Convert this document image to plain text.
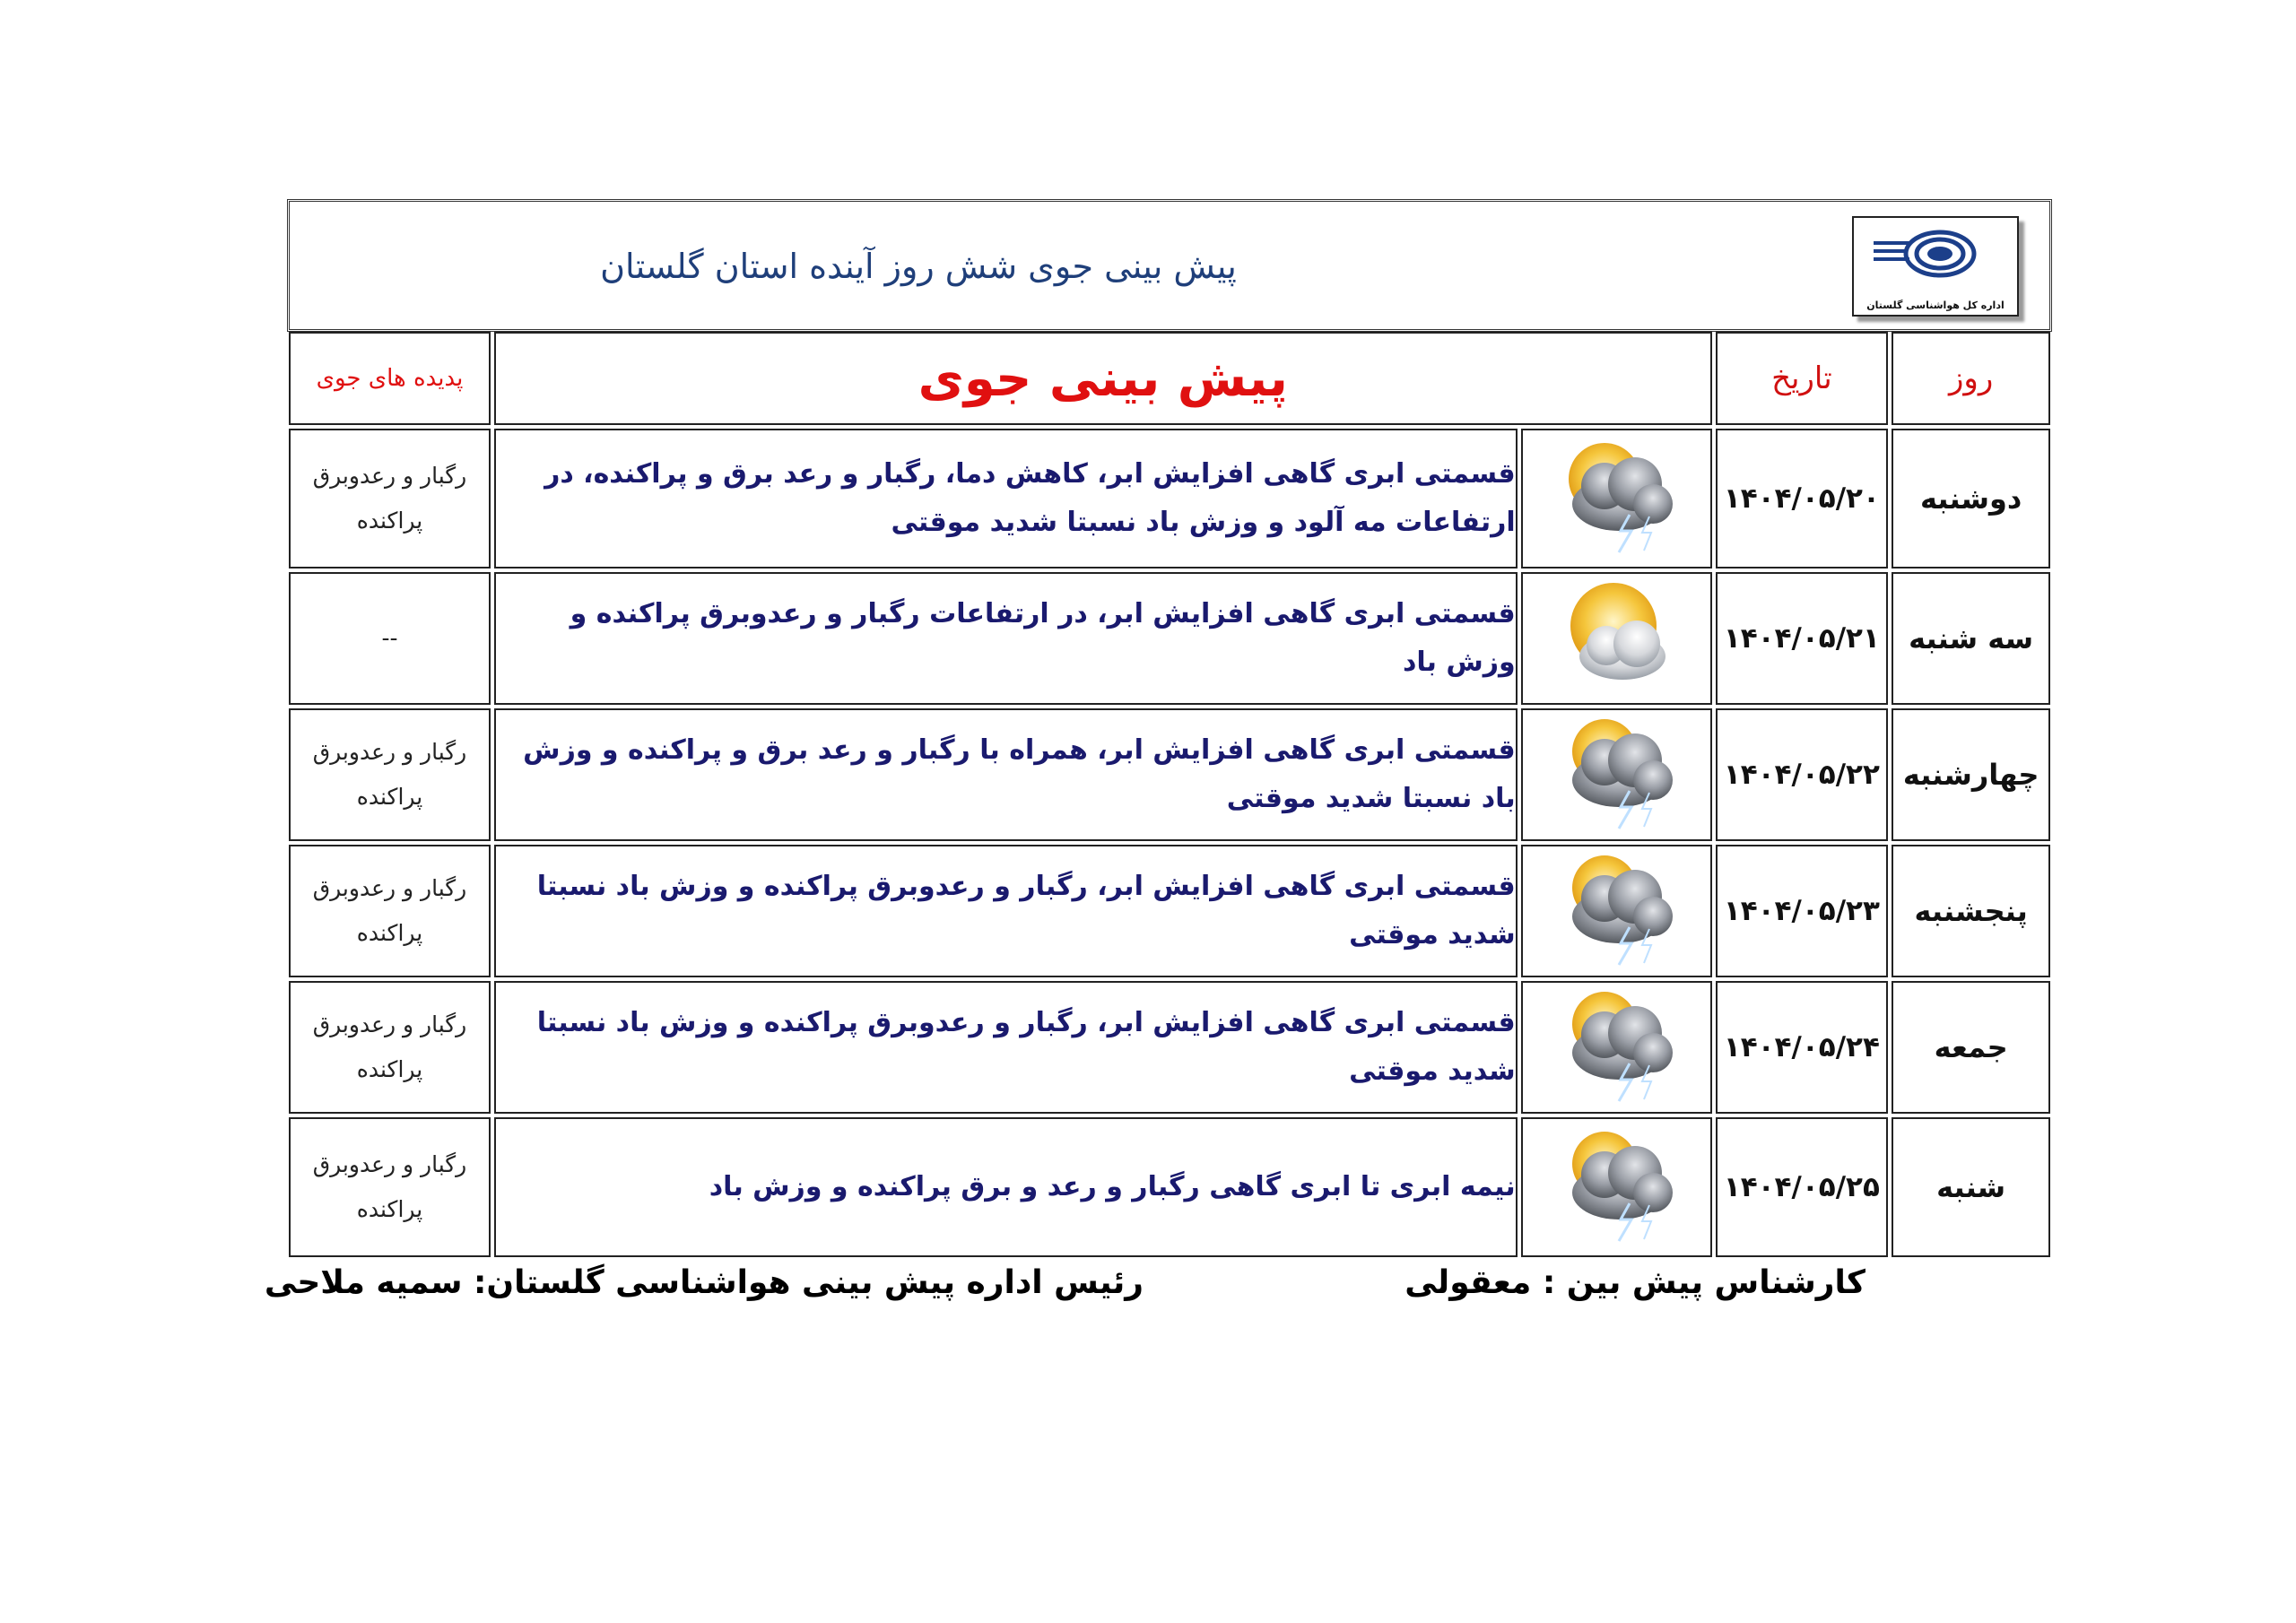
پیش بینی جوی شش روز آینده استان گلستان
اداره کل هواشناسی گلستان
روز	تاریخ	پیش بینی جوی		پدیده های جوی
دوشنبه	۱۴۰۴/۰۵/۲۰		قسمتی ابری گاهی افزایش ابر، کاهش دما، رگبار و رعد برق و پراکنده، در ارتفاعات مه آلود و وزش باد نسبتا شدید موقتی	رگبار و رعدوبرق پراکنده
سه شنبه	۱۴۰۴/۰۵/۲۱		قسمتی ابری گاهی افزایش ابر، در ارتفاعات رگبار و رعدوبرق پراکنده و وزش باد	--
چهارشنبه	۱۴۰۴/۰۵/۲۲		قسمتی ابری گاهی افزایش ابر، همراه با رگبار و رعد برق و پراکنده و وزش باد نسبتا شدید موقتی	رگبار و رعدوبرق پراکنده
پنجشنبه	۱۴۰۴/۰۵/۲۳		قسمتی ابری گاهی افزایش ابر، رگبار و رعدوبرق پراکنده و وزش باد نسبتا شدید موقتی	رگبار و رعدوبرق پراکنده
جمعه	۱۴۰۴/۰۵/۲۴		قسمتی ابری گاهی افزایش ابر، رگبار و رعدوبرق پراکنده و وزش باد نسبتا شدید موقتی	رگبار و رعدوبرق پراکنده
شنبه	۱۴۰۴/۰۵/۲۵		نیمه ابری تا ابری گاهی رگبار و رعد و برق پراکنده و وزش باد	رگبار و رعدوبرق پراکنده
کارشناس پیش بین : معقولی
رئیس اداره پیش بینی هواشناسی گلستان: سمیه ملاحی
